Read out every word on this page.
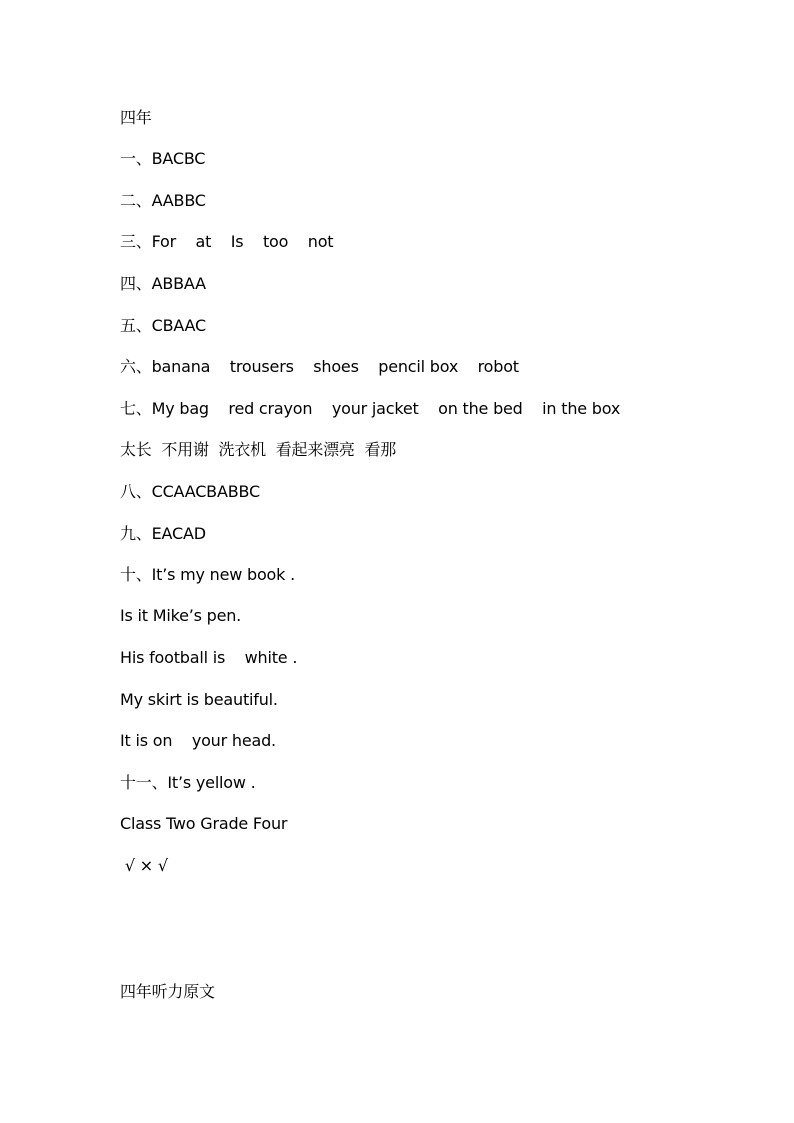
四年
一、BACBC
二、AABBC
三、For    at    Is    too    not
四、ABBAA
五、CBAAC
六、banana    trousers    shoes    pencil box    robot
七、My bag    red crayon    your jacket    on the bed    in the box
太长  不用谢  洗衣机  看起来漂亮  看那
八、CCAACBABBC
九、EACAD
十、It’s my new book .
Is it Mike’s pen.
His football is    white .
My skirt is beautiful.
It is on    your head.
十一、It’s yellow .
Class Two Grade Four
√ × √
四年听力原文
